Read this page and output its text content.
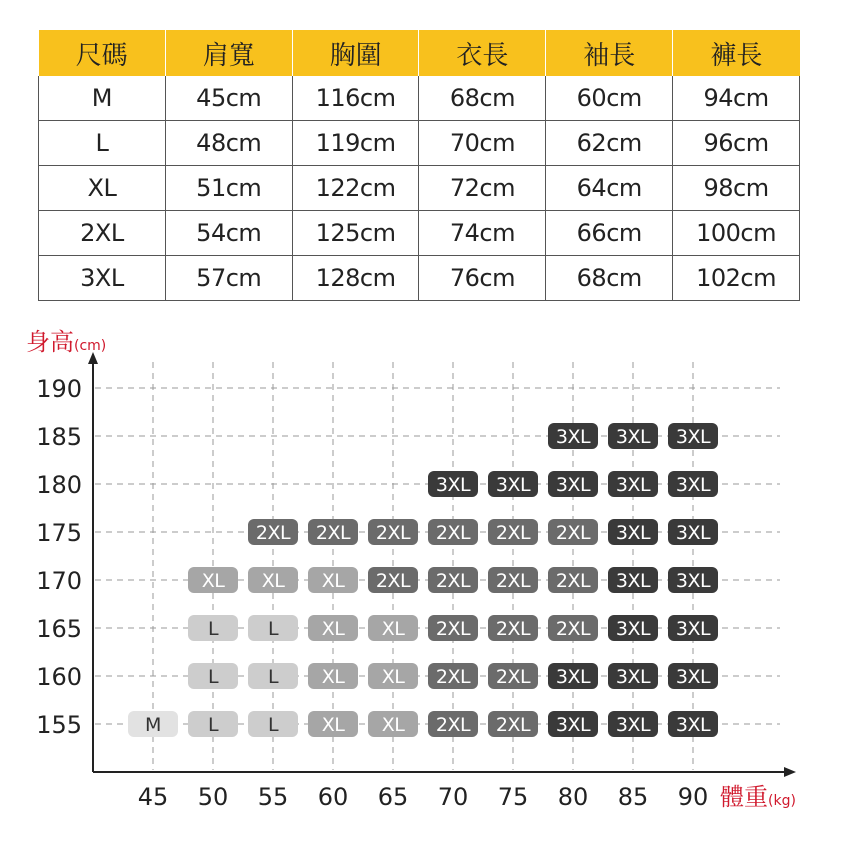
尺碼	肩寬	胸圍	衣長	袖長	褲長
M	45cm	116cm	68cm	60cm	94cm
L	48cm	119cm	70cm	62cm	96cm
XL	51cm	122cm	72cm	64cm	98cm
2XL	54cm	125cm	74cm	66cm	100cm
3XL	57cm	128cm	76cm	68cm	102cm
190
185
180
175
170
165
160
155
45 50 55 60 65 70 75 80 85 90
3XL 3XL 3XL
3XL 3XL 3XL 3XL 3XL
2XL 2XL 2XL 2XL 2XL 2XL 3XL 3XL
XL XL XL 2XL 2XL 2XL 2XL 3XL 3XL
L	L XL XL 2XL 2XL 2XL 3XL 3XL
L	L XL XL 2XL 2XL 3XL 3XL 3XL
M L	L XL XL 2XL 2XL 3XL 3XL 3XL
身高(cm)
體重(kg)
